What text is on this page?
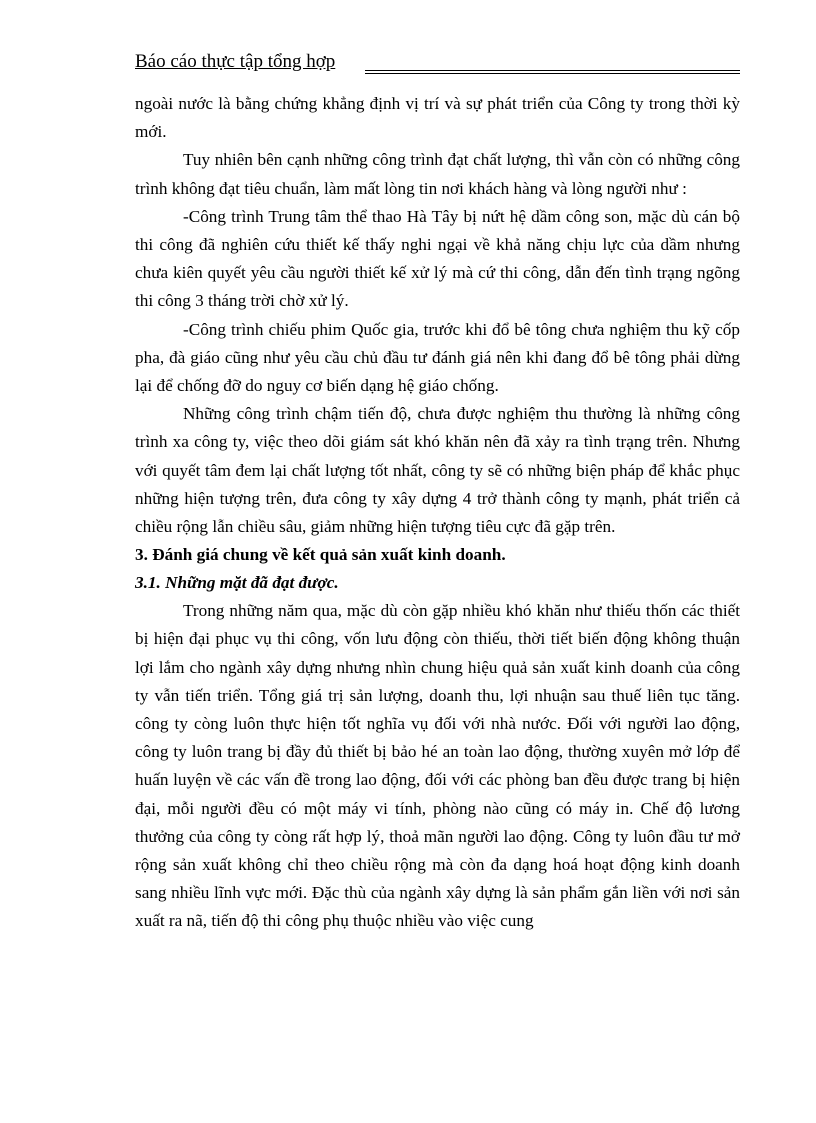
Báo cáo thực tập tổng hợp

ngoài nước là bằng chứng khẳng định vị trí và sự phát triển của Công ty trong thời kỳ mới.

Tuy nhiên bên cạnh những công trình đạt chất lượng, thì vẫn còn có những công trình không đạt tiêu chuẩn, làm mất lòng tin nơi khách hàng và lòng người như :

-Công trình Trung tâm thể thao Hà Tây bị nứt hệ dầm công son, mặc dù cán bộ thi công đã nghiên cứu thiết kế thấy nghi ngại về khả năng chịu lực của dầm nhưng chưa kiên quyết yêu cầu người thiết kế xử lý mà cứ thi công, dẫn đến tình trạng ngõng thi công 3 tháng trời chờ xử lý.

-Công trình chiếu phim Quốc gia, trước khi đổ bê tông chưa nghiệm thu kỹ cốp pha, đà giáo cũng như yêu cầu chủ đầu tư đánh giá nên khi đang đổ bê tông phải dừng lại để chống đỡ do nguy cơ biến dạng hệ giáo chống.

Những công trình chậm tiến độ, chưa được nghiệm thu thường là những công trình xa công ty, việc theo dõi giám sát khó khăn nên đã xảy ra tình trạng trên. Nhưng với quyết tâm đem lại chất lượng tốt nhất, công ty sẽ có những biện pháp để khắc phục những hiện tượng trên, đưa công ty xây dựng 4 trở thành công ty mạnh, phát triển cả chiều rộng lẫn chiều sâu, giảm những hiện tượng tiêu cực đã gặp trên.

3. Đánh giá chung về kết quả sản xuất kinh doanh.

3.1. Những mặt đã đạt được.

Trong những năm qua, mặc dù còn gặp nhiều khó khăn như thiếu thốn các thiết bị hiện đại phục vụ thi công, vốn lưu động còn thiếu, thời tiết biến động không thuận lợi lắm cho ngành xây dựng nhưng nhìn chung hiệu quả sản xuất kinh doanh của công ty vẫn tiến triển. Tổng giá trị sản lượng, doanh thu, lợi nhuận sau thuế liên tục tăng. công ty còng luôn thực hiện tốt nghĩa vụ đối với nhà nước. Đối với người lao động, công ty luôn trang bị đầy đủ thiết bị bảo hé an toàn lao động, thường xuyên mở lớp để huấn luyện về các vấn đề trong lao động, đối với các phòng ban đều được trang bị hiện đại, mỗi người đều có một máy vi tính, phòng nào cũng có máy in. Chế độ lương thưởng của công ty còng rất hợp lý, thoả mãn người lao động. Công ty luôn đầu tư mở rộng sản xuất không chỉ theo chiều rộng mà còn đa dạng hoá hoạt động kinh doanh sang nhiều lĩnh vực mới. Đặc thù của ngành xây dựng là sản phẩm gắn liền với nơi sản xuất ra nã, tiến độ thi công phụ thuộc nhiều vào việc cung
